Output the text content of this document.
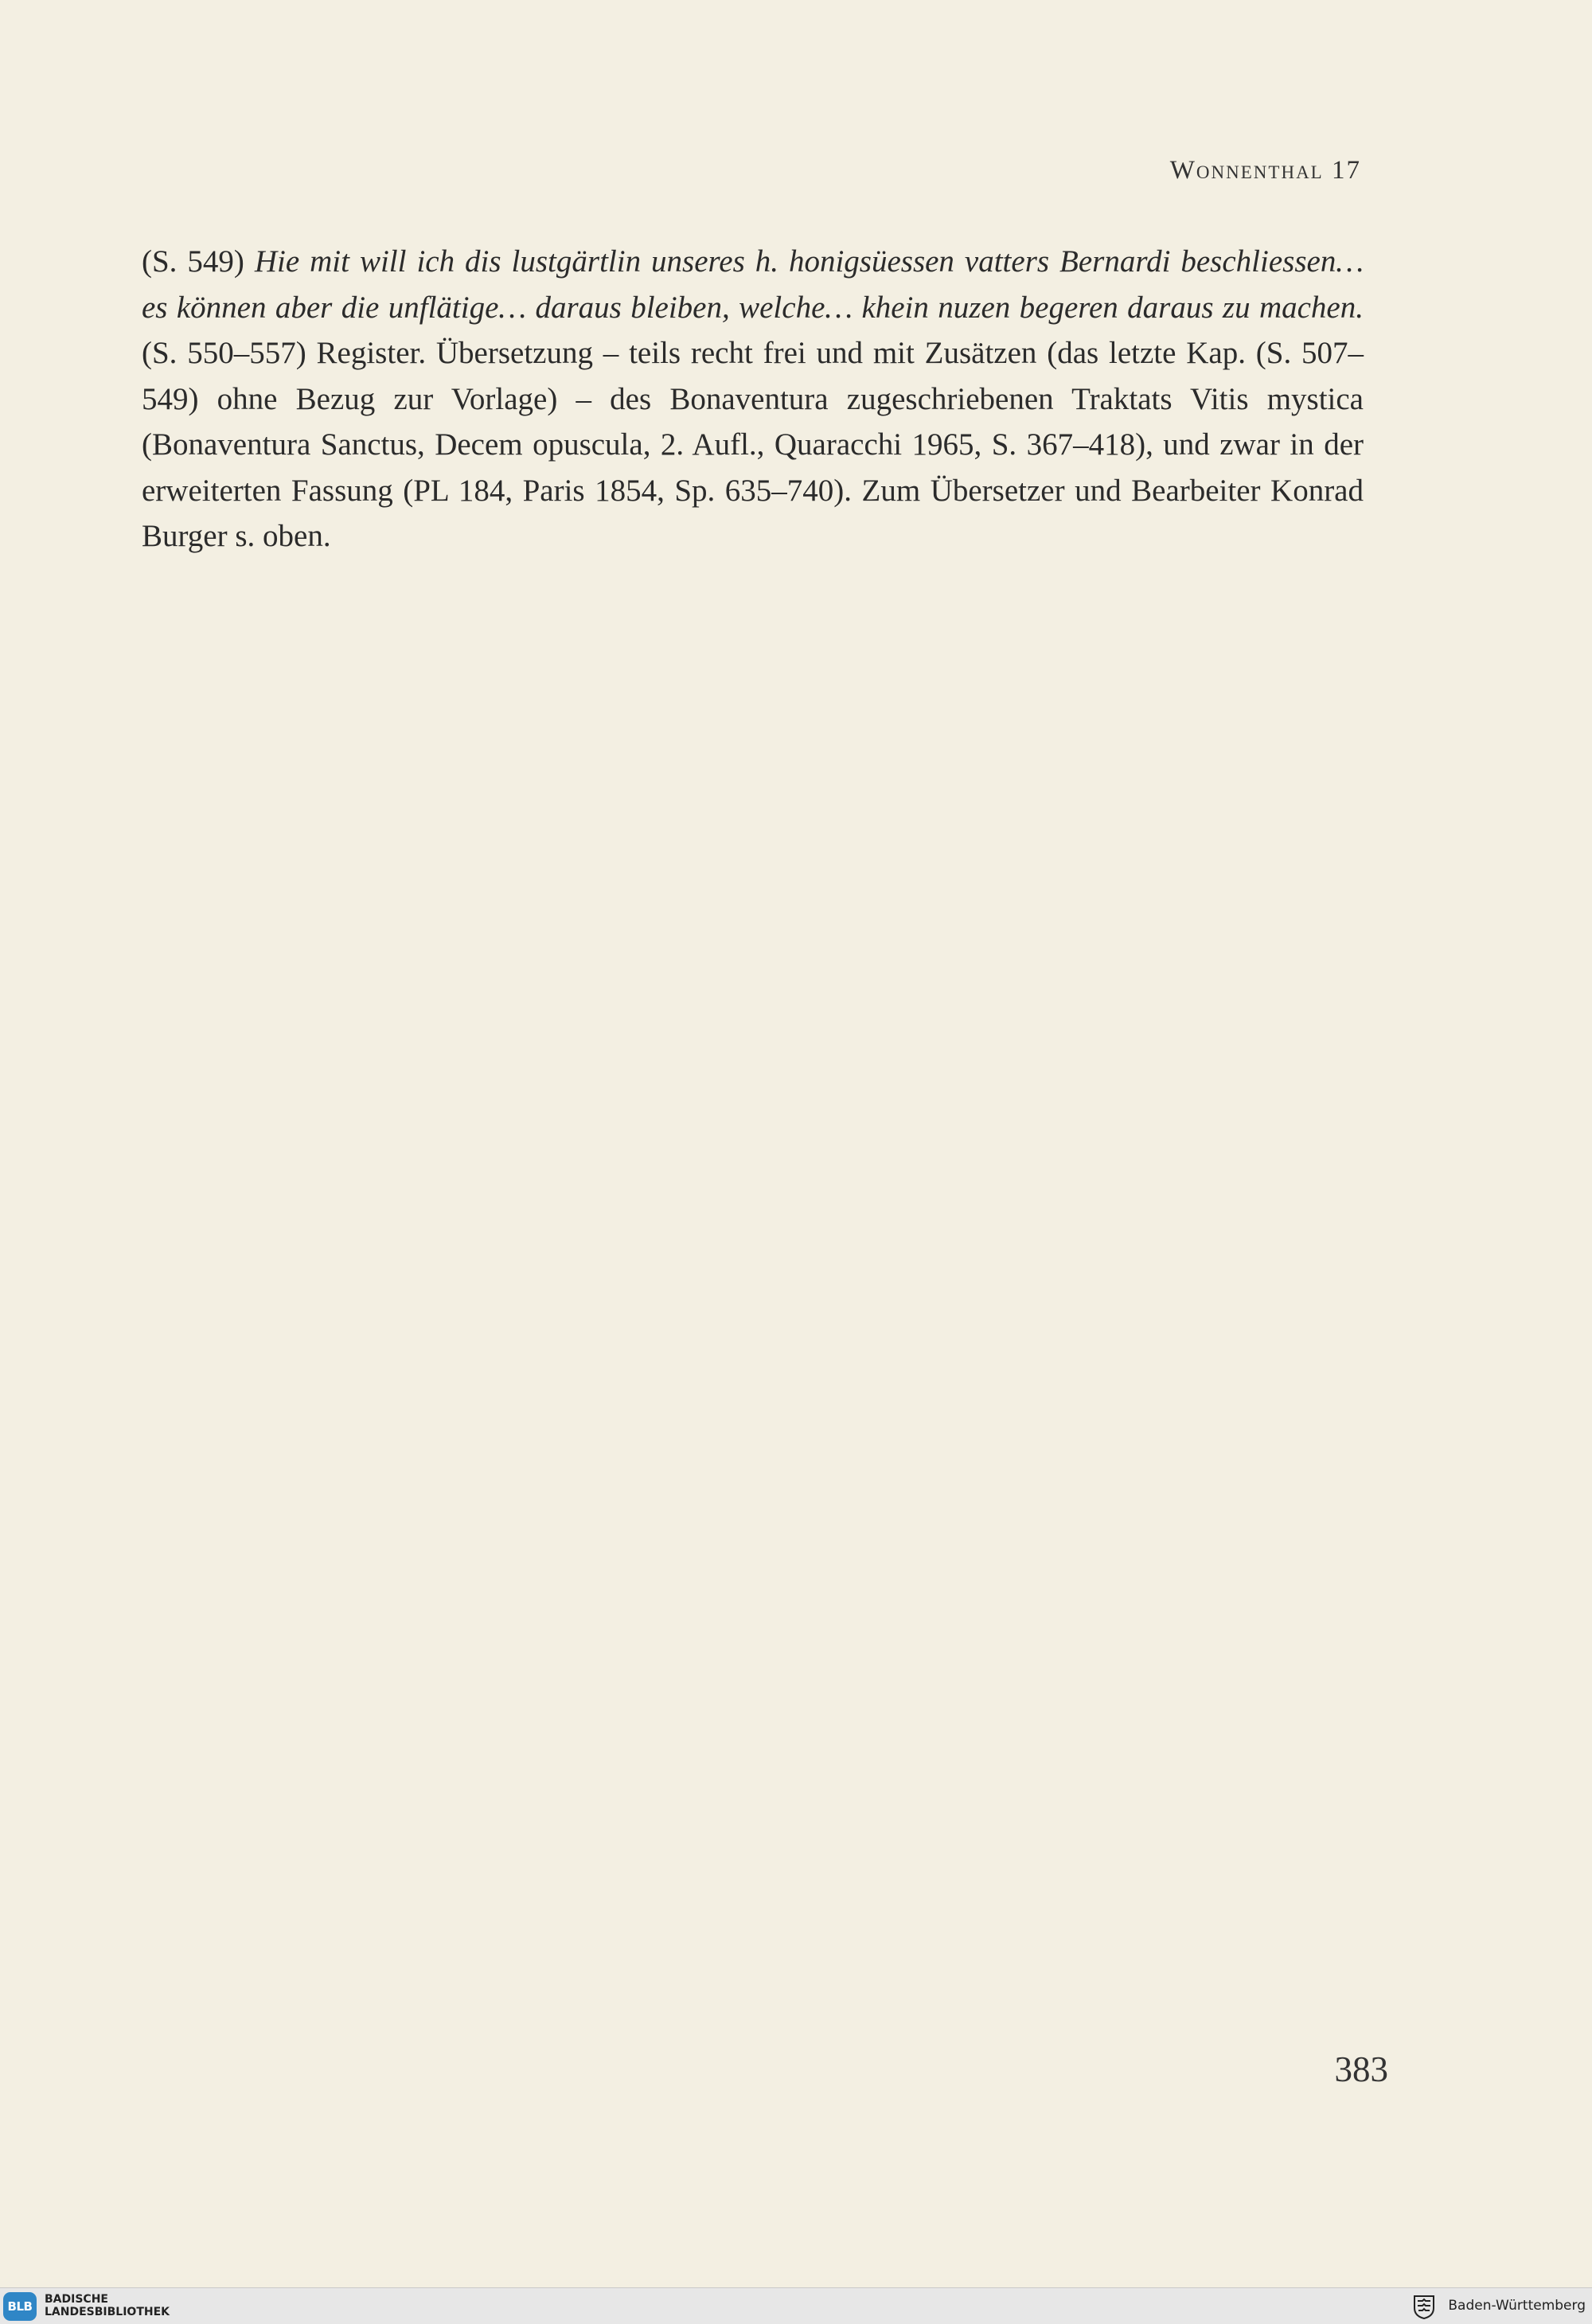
Wonnenthal 17

(S. 549) Hie mit will ich dis lustgärtlin unseres h. honigsüessen vatters Bernardi beschliessen… es können aber die unflätige… daraus bleiben, welche… khein nuzen begeren daraus zu machen. (S. 550–557) Register. Übersetzung – teils recht frei und mit Zusätzen (das letzte Kap. (S. 507–549) ohne Bezug zur Vorlage) – des Bonaventura zugeschriebenen Traktats Vitis mystica (Bonaventura Sanctus, Decem opuscula, 2. Aufl., Quaracchi 1965, S. 367–418), und zwar in der erweiterten Fassung (PL 184, Paris 1854, Sp. 635–740). Zum Übersetzer und Bearbeiter Konrad Burger s. oben.

383
BLB	BADISCHE
LANDESBIBLIOTHEK	Baden-Württemberg
